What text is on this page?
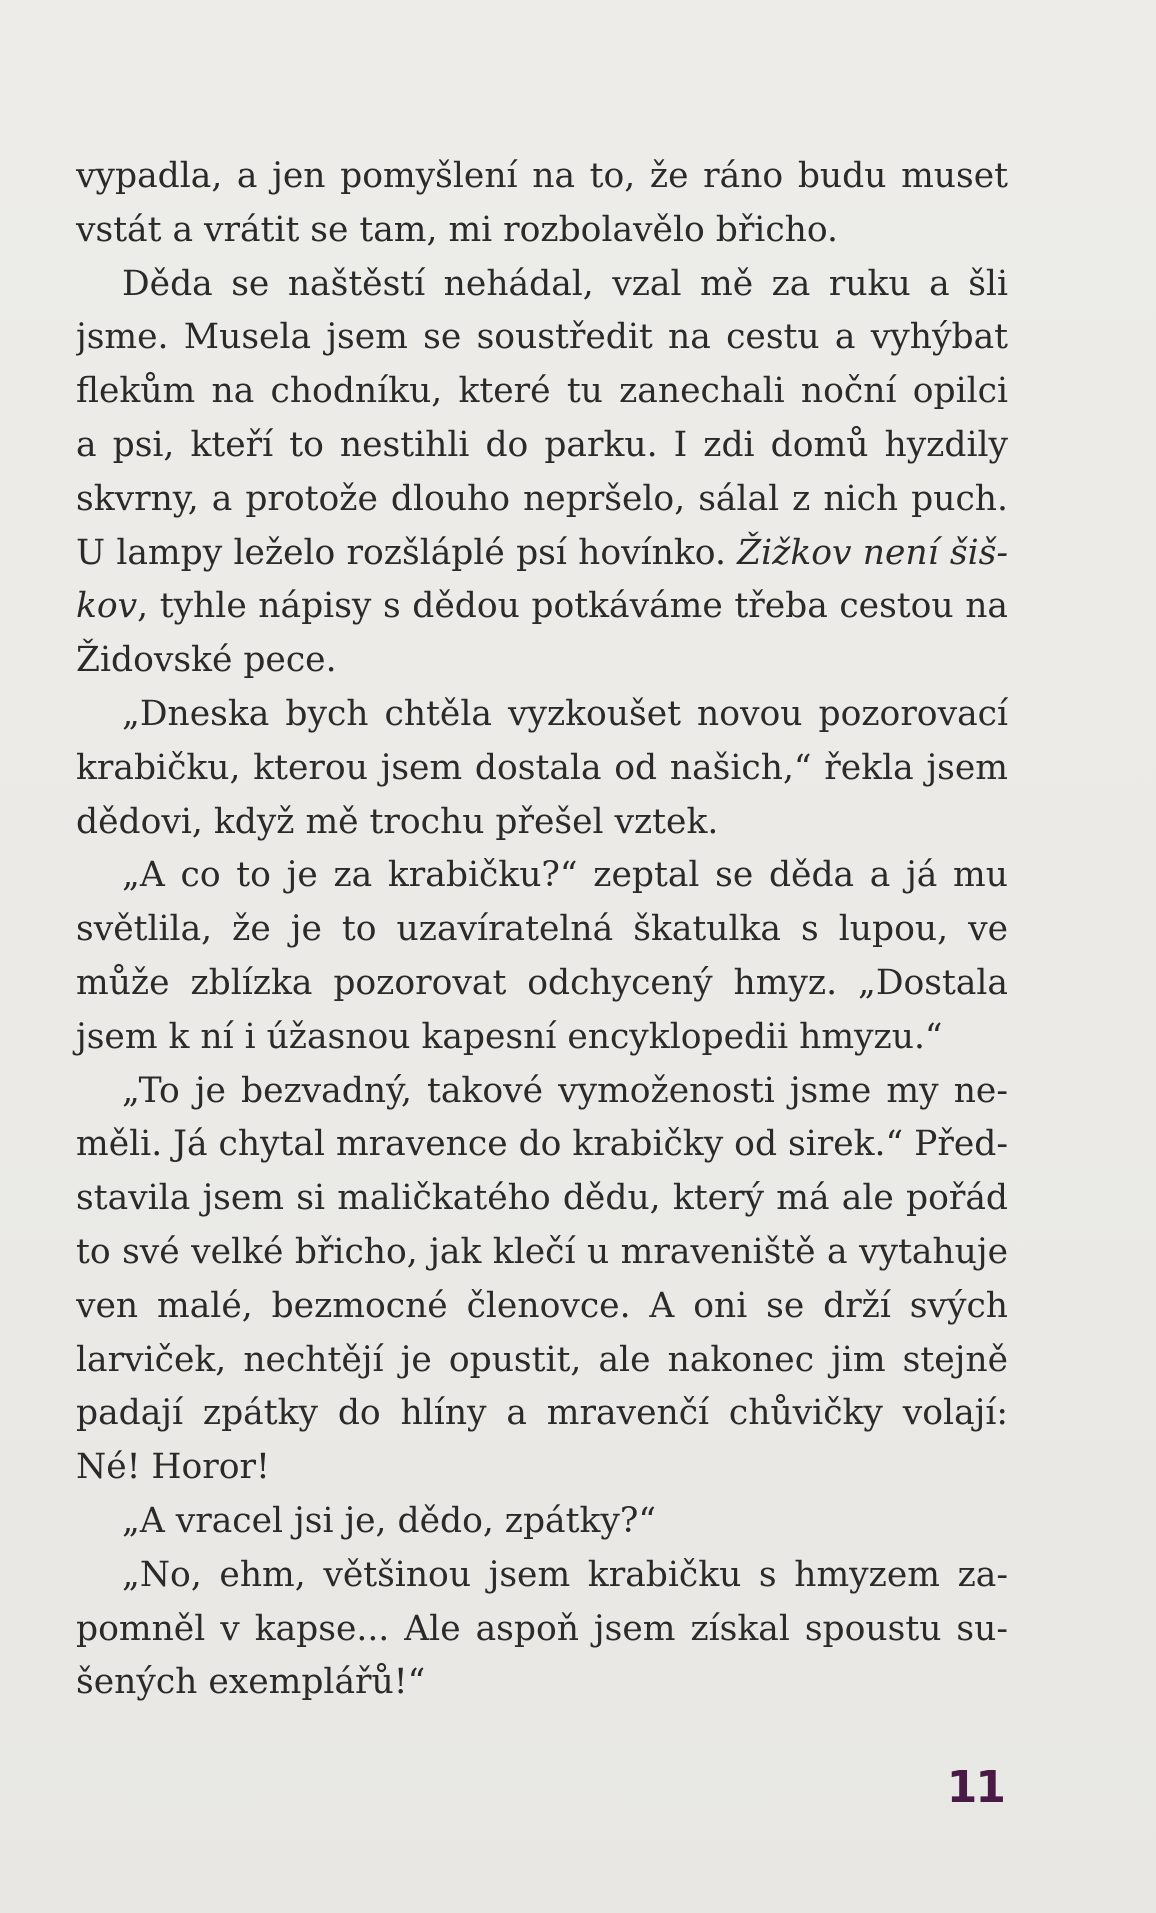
vypadla, a jen pomyšlení na to, že ráno budu muset
vstát a vrátit se tam, mi rozbolavělo břicho.
Děda se naštěstí nehádal, vzal mě za ruku a šli
jsme. Musela jsem se soustředit na cestu a vyhýbat
flekům na chodníku, které tu zanechali noční opilci
a psi, kteří to nestihli do parku. I zdi domů hyzdily
skvrny, a protože dlouho nepršelo, sálal z nich puch.
U lampy leželo rozšláplé psí hovínko. Žižkov není šiš-
kov, tyhle nápisy s dědou potkáváme třeba cestou na
Židovské pece.
„Dneska bych chtěla vyzkoušet novou pozorovací
krabičku, kterou jsem dostala od našich,“ řekla jsem
dědovi, když mě trochu přešel vztek.
„A co to je za krabičku?“ zeptal se děda a já mu
světlila, že je to uzavíratelná škatulka s lupou, ve
může zblízka pozorovat odchycený hmyz. „Dostala
jsem k ní i úžasnou kapesní encyklopedii hmyzu.“
„To je bezvadný, takové vymoženosti jsme my ne-
měli. Já chytal mravence do krabičky od sirek.“ Před-
stavila jsem si maličkatého dědu, který má ale pořád
to své velké břicho, jak klečí u mraveniště a vytahuje
ven malé, bezmocné členovce. A oni se drží svých
larviček, nechtějí je opustit, ale nakonec jim stejně
padají zpátky do hlíny a mravenčí chůvičky volají:
Né! Horor!
„A vracel jsi je, dědo, zpátky?“
„No, ehm, většinou jsem krabičku s hmyzem za-
pomněl v kapse... Ale aspoň jsem získal spoustu su-
šených exemplářů!“
11
